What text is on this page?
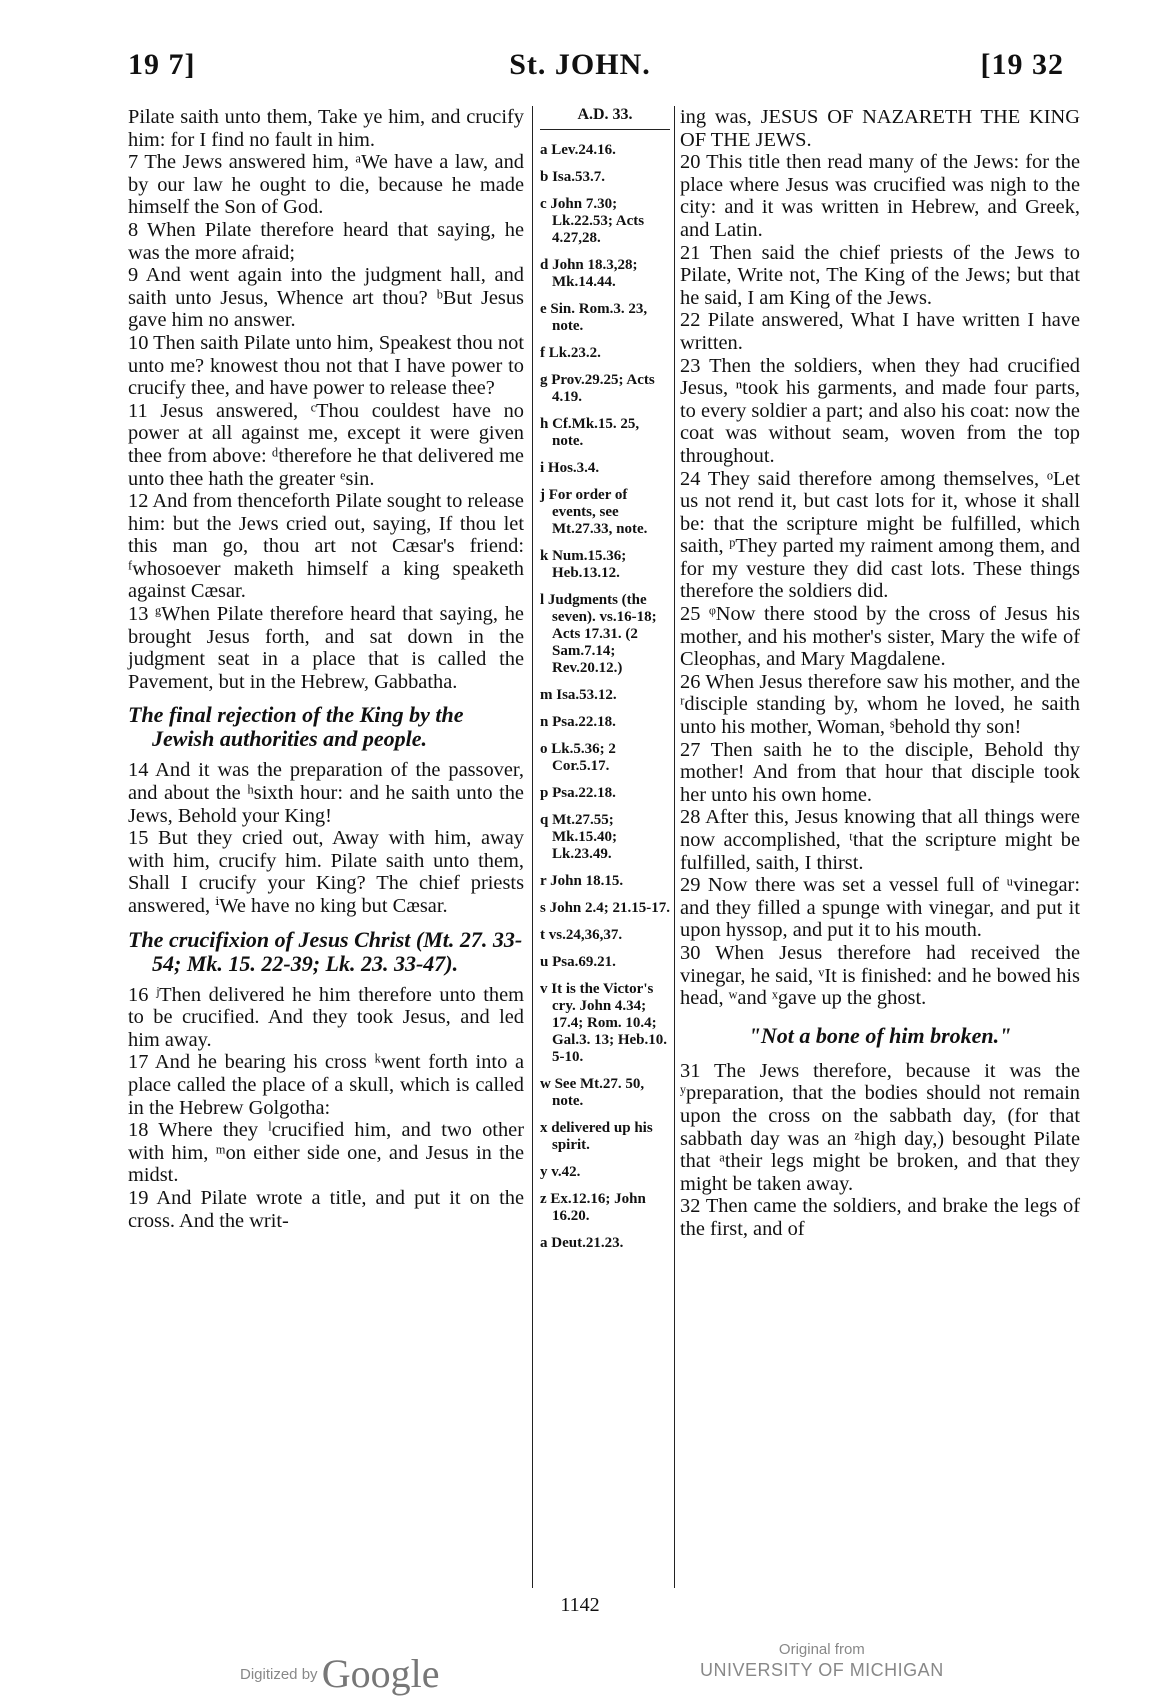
19 7]	St. JOHN.	[19 32

Pilate saith unto them, Take ye him, and crucify him: for I find no fault in him.

7 The Jews answered him, ᵃWe have a law, and by our law he ought to die, because he made himself the Son of God.

8 When Pilate therefore heard that saying, he was the more afraid;

9 And went again into the judgment hall, and saith unto Jesus, Whence art thou? ᵇBut Jesus gave him no answer.

10 Then saith Pilate unto him, Speakest thou not unto me? knowest thou not that I have power to crucify thee, and have power to release thee?

11 Jesus answered, ᶜThou couldest have no power at all against me, except it were given thee from above: ᵈtherefore he that delivered me unto thee hath the greater ᵉsin.

12 And from thenceforth Pilate sought to release him: but the Jews cried out, saying, If thou let this man go, thou art not Cæsar's friend: ᶠwhosoever maketh himself a king speaketh against Cæsar.

13 ᵍWhen Pilate therefore heard that saying, he brought Jesus forth, and sat down in the judgment seat in a place that is called the Pavement, but in the Hebrew, Gabbatha.

The final rejection of the King by the Jewish authorities and people.

14 And it was the preparation of the passover, and about the ʰsixth hour: and he saith unto the Jews, Behold your King!

15 But they cried out, Away with him, away with him, crucify him. Pilate saith unto them, Shall I crucify your King? The chief priests answered, ⁱWe have no king but Cæsar.

The crucifixion of Jesus Christ (Mt. 27. 33-54; Mk. 15. 22-39; Lk. 23. 33-47).

16 ʲThen delivered he him therefore unto them to be crucified. And they took Jesus, and led him away.

17 And he bearing his cross ᵏwent forth into a place called the place of a skull, which is called in the Hebrew Golgotha:

18 Where they ˡcrucified him, and two other with him, ᵐon either side one, and Jesus in the midst.

19 And Pilate wrote a title, and put it on the cross. And the writ-

A.D. 33.
a Lev.24.16.
b Isa.53.7.
c John 7.30; Lk.22.53; Acts 4.27,28.
d John 18.3,28; Mk.14.44.
e Sin. Rom.3. 23, note.
f Lk.23.2.
g Prov.29.25; Acts 4.19.
h Cf.Mk.15. 25, note.
i Hos.3.4.
j For order of events, see Mt.27.33, note.
k Num.15.36; Heb.13.12.
l Judgments (the seven). vs.16-18; Acts 17.31. (2 Sam.7.14; Rev.20.12.)
m Isa.53.12.
n Psa.22.18.
o Lk.5.36; 2 Cor.5.17.
p Psa.22.18.
q Mt.27.55; Mk.15.40; Lk.23.49.
r John 18.15.
s John 2.4; 21.15-17.
t vs.24,36,37.
u Psa.69.21.
v It is the Victor's cry. John 4.34; 17.4; Rom. 10.4; Gal.3. 13; Heb.10. 5-10.
w See Mt.27. 50, note.
x delivered up his spirit.
y v.42.
z Ex.12.16; John 16.20.
a Deut.21.23.

ing was, JESUS OF NAZARETH THE KING OF THE JEWS.

20 This title then read many of the Jews: for the place where Jesus was crucified was nigh to the city: and it was written in Hebrew, and Greek, and Latin.

21 Then said the chief priests of the Jews to Pilate, Write not, The King of the Jews; but that he said, I am King of the Jews.

22 Pilate answered, What I have written I have written.

23 Then the soldiers, when they had crucified Jesus, ⁿtook his garments, and made four parts, to every soldier a part; and also his coat: now the coat was without seam, woven from the top throughout.

24 They said therefore among themselves, ᵒLet us not rend it, but cast lots for it, whose it shall be: that the scripture might be fulfilled, which saith, ᵖThey parted my raiment among them, and for my vesture they did cast lots. These things therefore the soldiers did.

25 ᵠNow there stood by the cross of Jesus his mother, and his mother's sister, Mary the wife of Cleophas, and Mary Magdalene.

26 When Jesus therefore saw his mother, and the ʳdisciple standing by, whom he loved, he saith unto his mother, Woman, ˢbehold thy son!

27 Then saith he to the disciple, Behold thy mother! And from that hour that disciple took her unto his own home.

28 After this, Jesus knowing that all things were now accomplished, ᵗthat the scripture might be fulfilled, saith, I thirst.

29 Now there was set a vessel full of ᵘvinegar: and they filled a spunge with vinegar, and put it upon hyssop, and put it to his mouth.

30 When Jesus therefore had received the vinegar, he said, ᵛIt is finished: and he bowed his head, ʷand ˣgave up the ghost.

"Not a bone of him broken."

31 The Jews therefore, because it was the ʸpreparation, that the bodies should not remain upon the cross on the sabbath day, (for that sabbath day was an ᶻhigh day,) besought Pilate that ᵃtheir legs might be broken, and that they might be taken away.

32 Then came the soldiers, and brake the legs of the first, and of

1142
Digitized by Google
Original from
UNIVERSITY OF MICHIGAN
